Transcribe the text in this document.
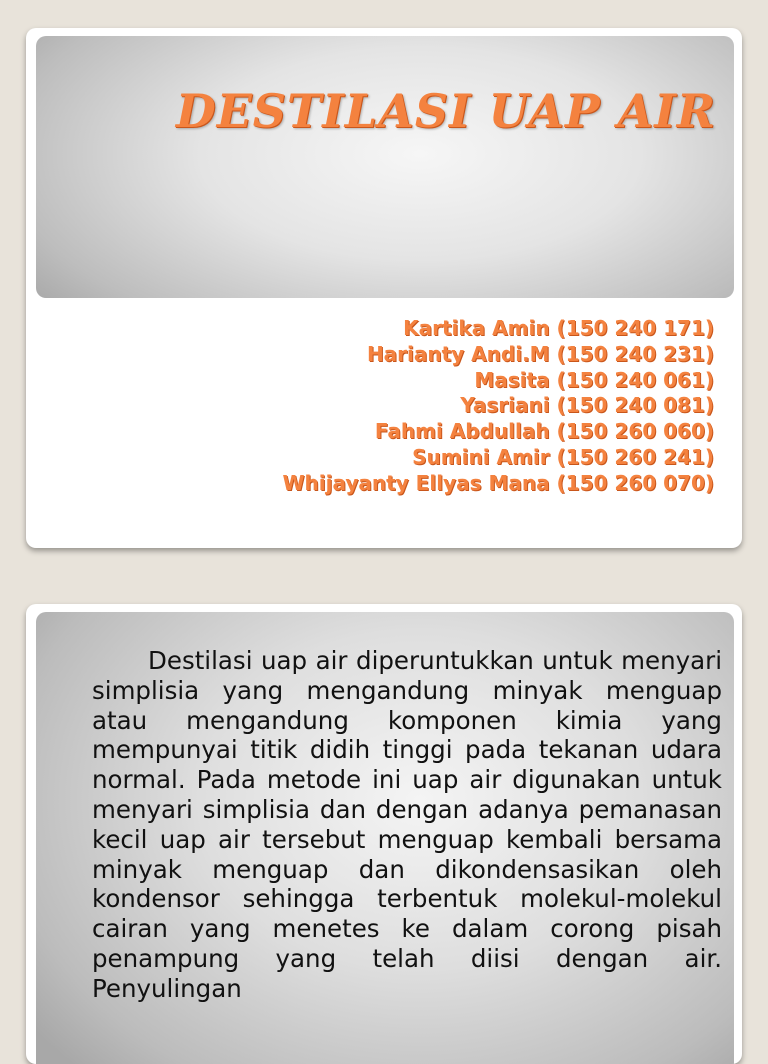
DESTILASI UAP AIR
Kartika Amin (150 240 171)
Harianty Andi.M (150 240 231)
Masita (150 240 061)
Yasriani (150 240 081)
Fahmi Abdullah (150 260 060)
Sumini Amir (150 260 241)
Whijayanty Ellyas Mana (150 260 070)

Destilasi uap air diperuntukkan untuk menyari simplisia yang mengandung minyak menguap atau mengandung komponen kimia yang mempunyai titik didih tinggi pada tekanan udara normal. Pada metode ini uap air digunakan untuk menyari simplisia dan dengan adanya pemanasan kecil uap air tersebut menguap kembali bersama minyak menguap dan dikondensasikan oleh kondensor sehingga terbentuk molekul-molekul cairan yang menetes ke dalam corong pisah penampung yang telah diisi dengan air. Penyulingan
